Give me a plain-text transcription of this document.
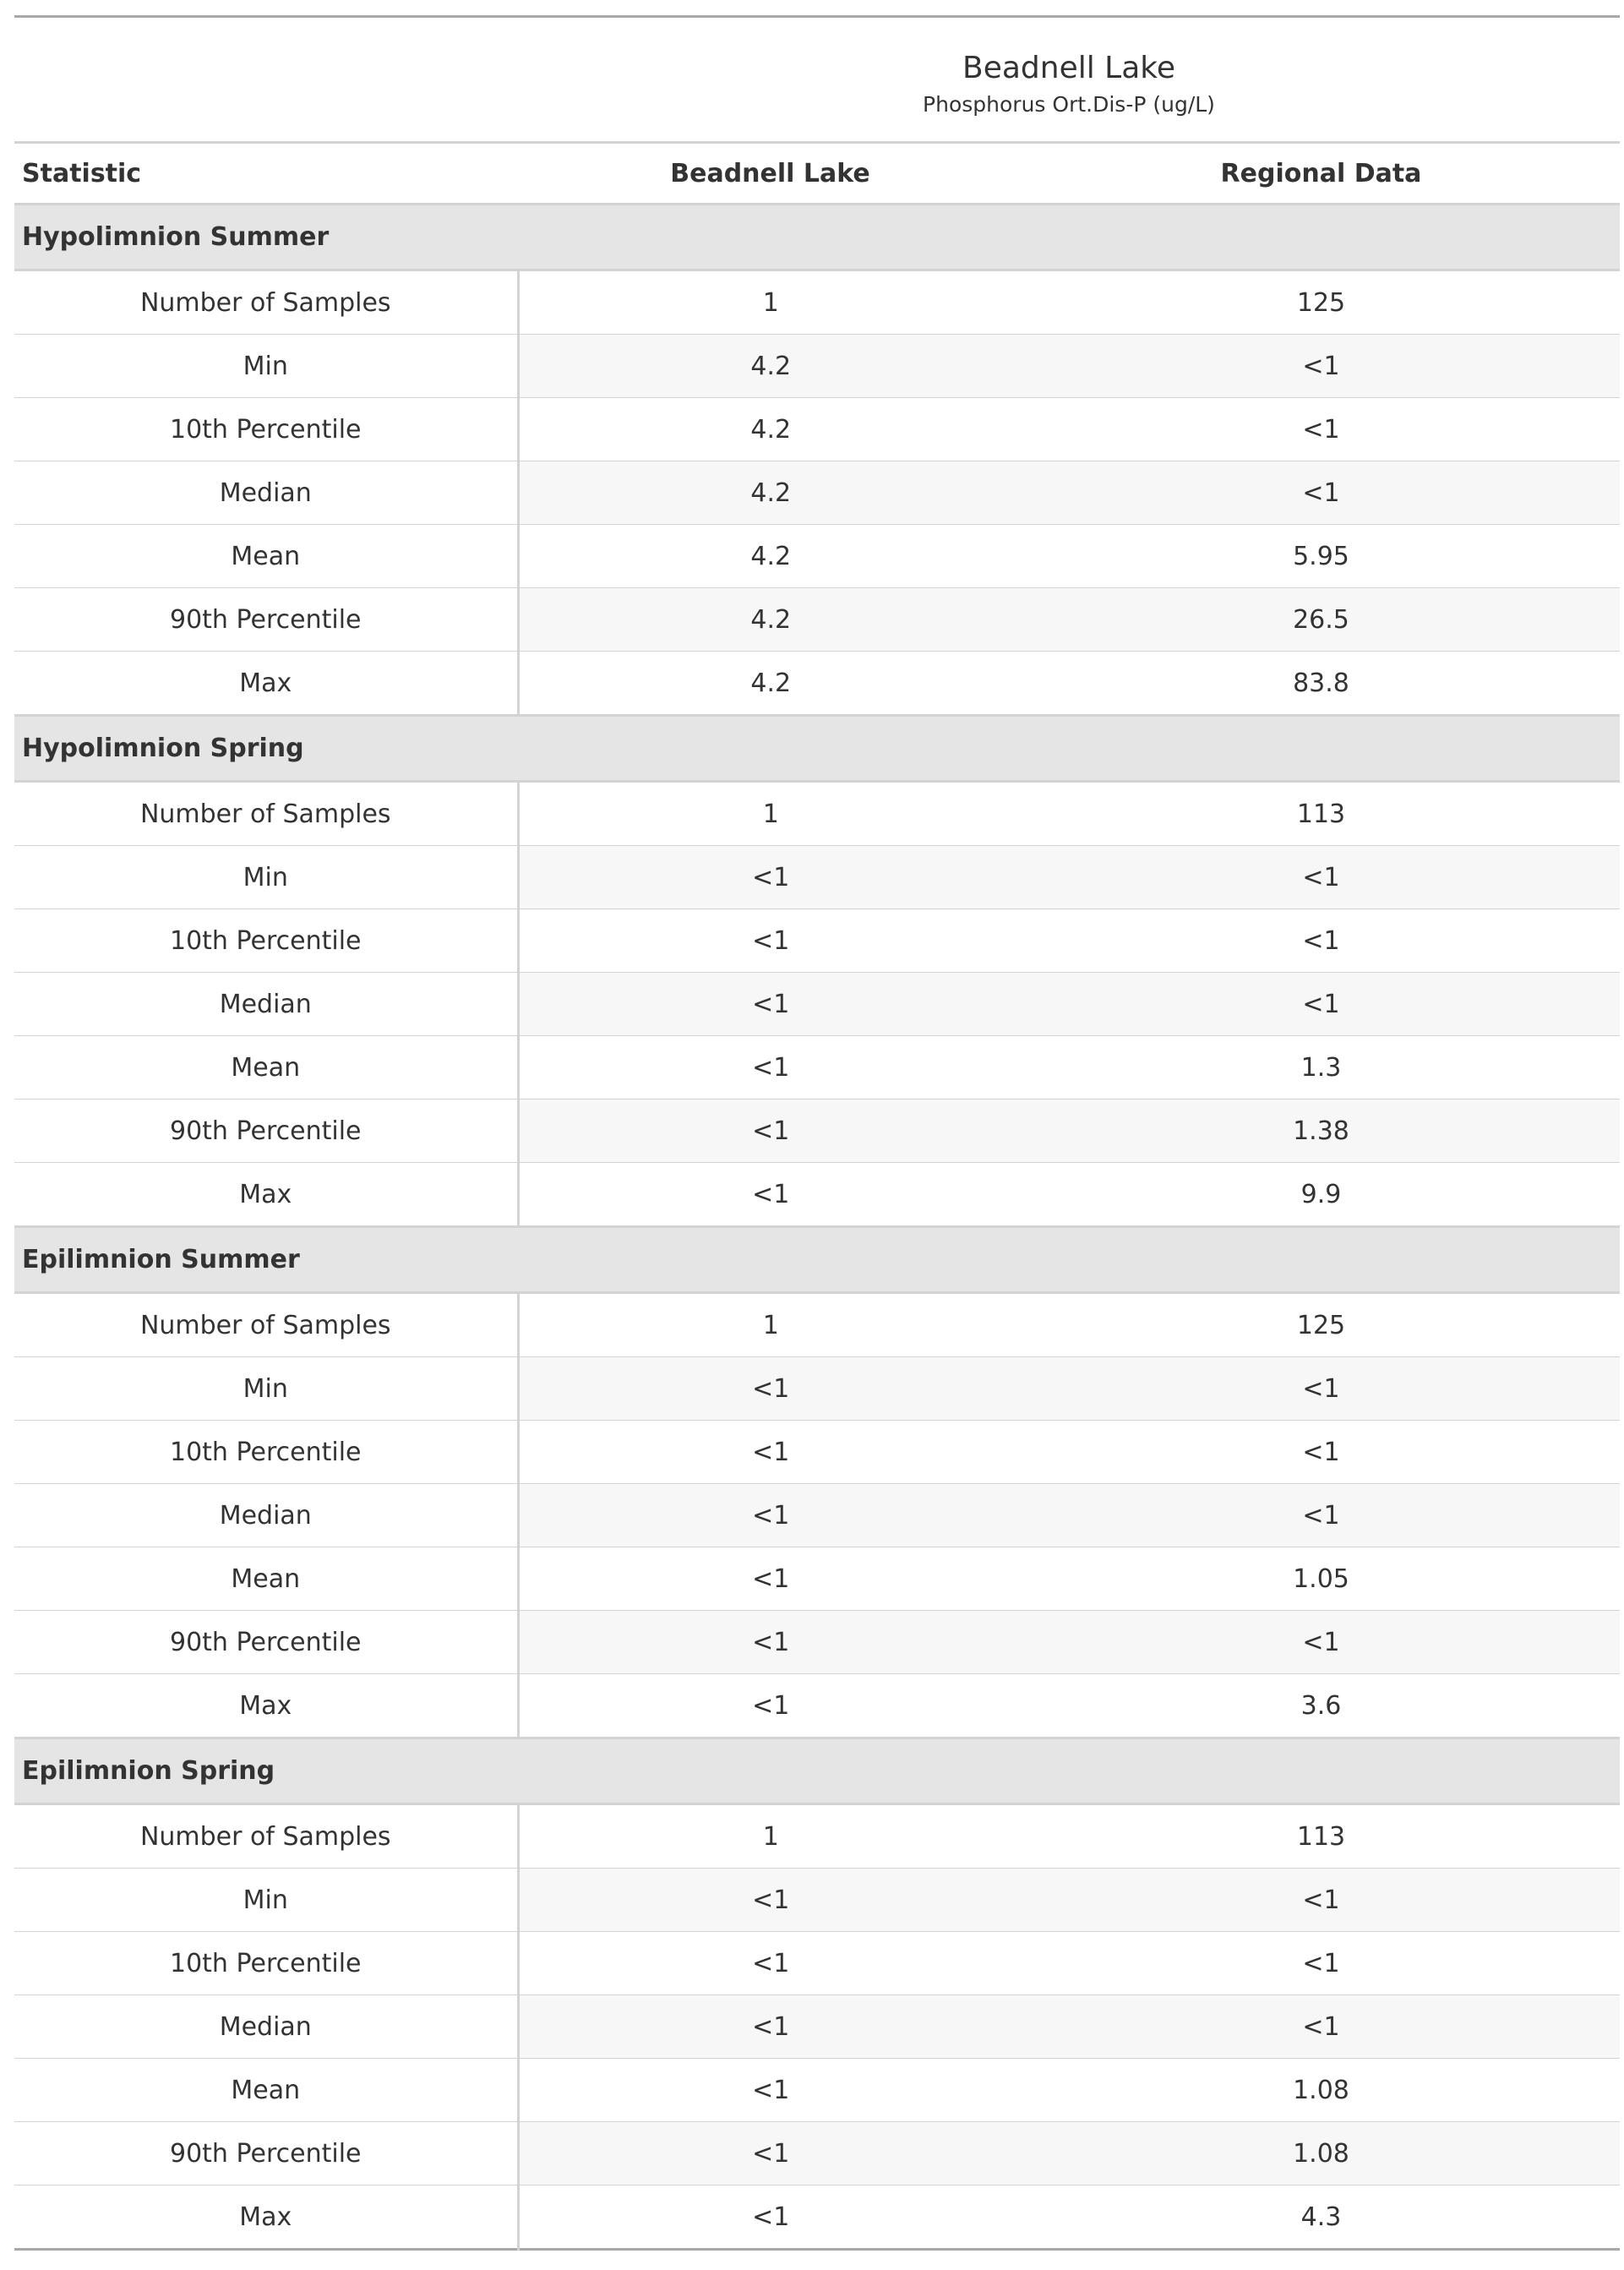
	Beadnell Lake	
	Phosphorus Ort.Dis-P (ug/L)	
Statistic	Beadnell Lake	Regional Data
Hypolimnion Summer		
Number of Samples	1	125
Min	4.2	<1
10th Percentile	4.2	<1
Median	4.2	<1
Mean	4.2	5.95
90th Percentile	4.2	26.5
Max	4.2	83.8
Hypolimnion Spring		
Number of Samples	1	113
Min	<1	<1
10th Percentile	<1	<1
Median	<1	<1
Mean	<1	1.3
90th Percentile	<1	1.38
Max	<1	9.9
Epilimnion Summer		
Number of Samples	1	125
Min	<1	<1
10th Percentile	<1	<1
Median	<1	<1
Mean	<1	1.05
90th Percentile	<1	<1
Max	<1	3.6
Epilimnion Spring		
Number of Samples	1	113
Min	<1	<1
10th Percentile	<1	<1
Median	<1	<1
Mean	<1	1.08
90th Percentile	<1	1.08
Max	<1	4.3
